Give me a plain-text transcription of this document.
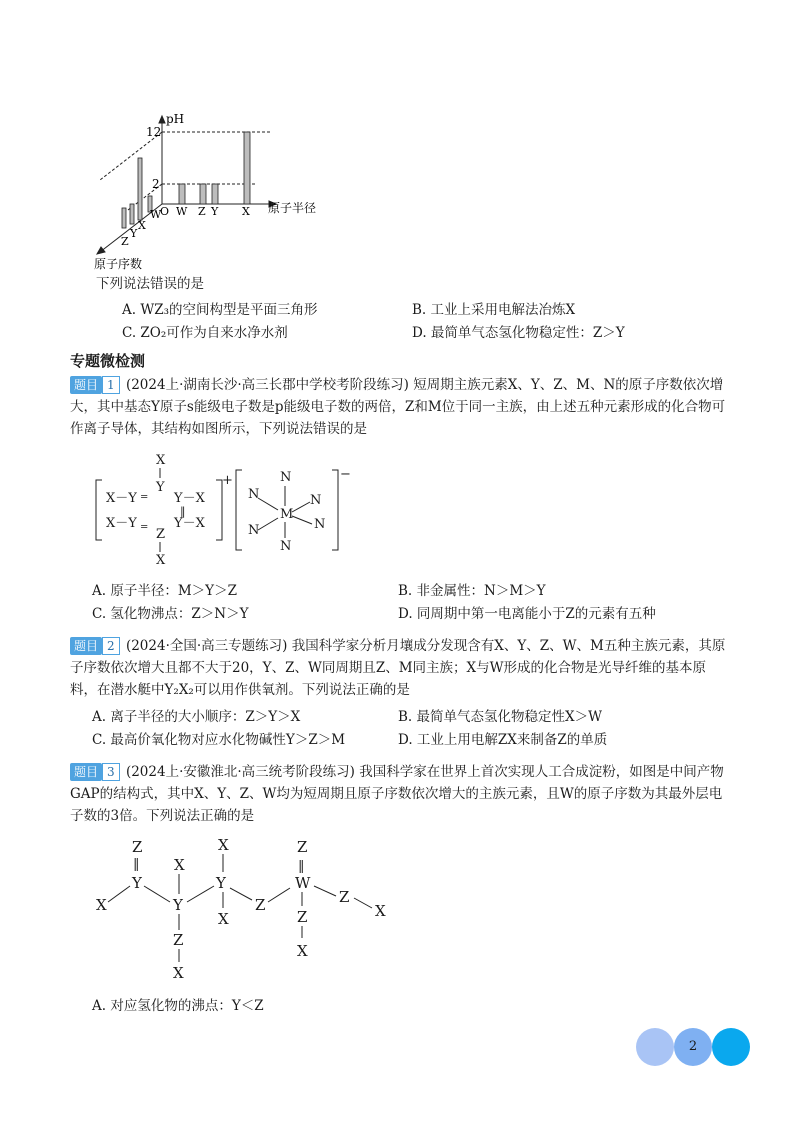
pH
12
2
O W Z Y X 原子半径
W
X
Y
Z
原子序数
下列说法错误的是
A. WZ₃的空间构型是平面三角形	B. 工业上采用电解法冶炼X
C. ZO₂可作为自来水净水剂	D. 最简单气态氢化物稳定性：Z＞Y
专题微检测
题目 1 (2024上·湖南长沙·高三长郡中学校考阶段练习) 短周期主族元素X、Y、Z、M、N的原子序数依次增大，其中基态Y原子s能级电子数是p能级电子数的两倍，Z和M位于同一主族，由上述五种元素形成的化合物可作离子导体，其结构如图所示，下列说法错误的是
X
Y
X－Y = Y－X
X－Y	Y－X
‖
= Z
X
+	−
N
N	N
M
N	N
N
A. 原子半径：M＞Y＞Z	B. 非金属性：N＞M＞Y
C. 氢化物沸点：Z＞N＞Y	D. 同周期中第一电离能小于Z的元素有五种
题目 2 (2024·全国·高三专题练习) 我国科学家分析月壤成分发现含有X、Y、Z、W、M五种主族元素，其原子序数依次增大且都不大于20，Y、Z、W同周期且Z、M同主族；X与W形成的化合物是光导纤维的基本原料，在潜水艇中Y₂X₂可以用作供氧剂。下列说法正确的是
A. 离子半径的大小顺序：Z＞Y＞X	B. 最简单气态氢化物稳定性X＞W
C. 最高价氧化物对应水化物碱性Y＞Z＞M	D. 工业上用电解ZX来制备Z的单质
题目 3 (2024上·安徽淮北·高三统考阶段练习) 我国科学家在世界上首次实现人工合成淀粉，如图是中间产物GAP的结构式，其中X、Y、Z、W均为短周期且原子序数依次增大的主族元素，且W的原子序数为其最外层电子数的3倍。下列说法正确的是
Z
‖
Y
X
X
Y
Z
X
X
Y
X
Z
Z
‖
W
Z
X
Z
X
A. 对应氢化物的沸点：Y＜Z
2
